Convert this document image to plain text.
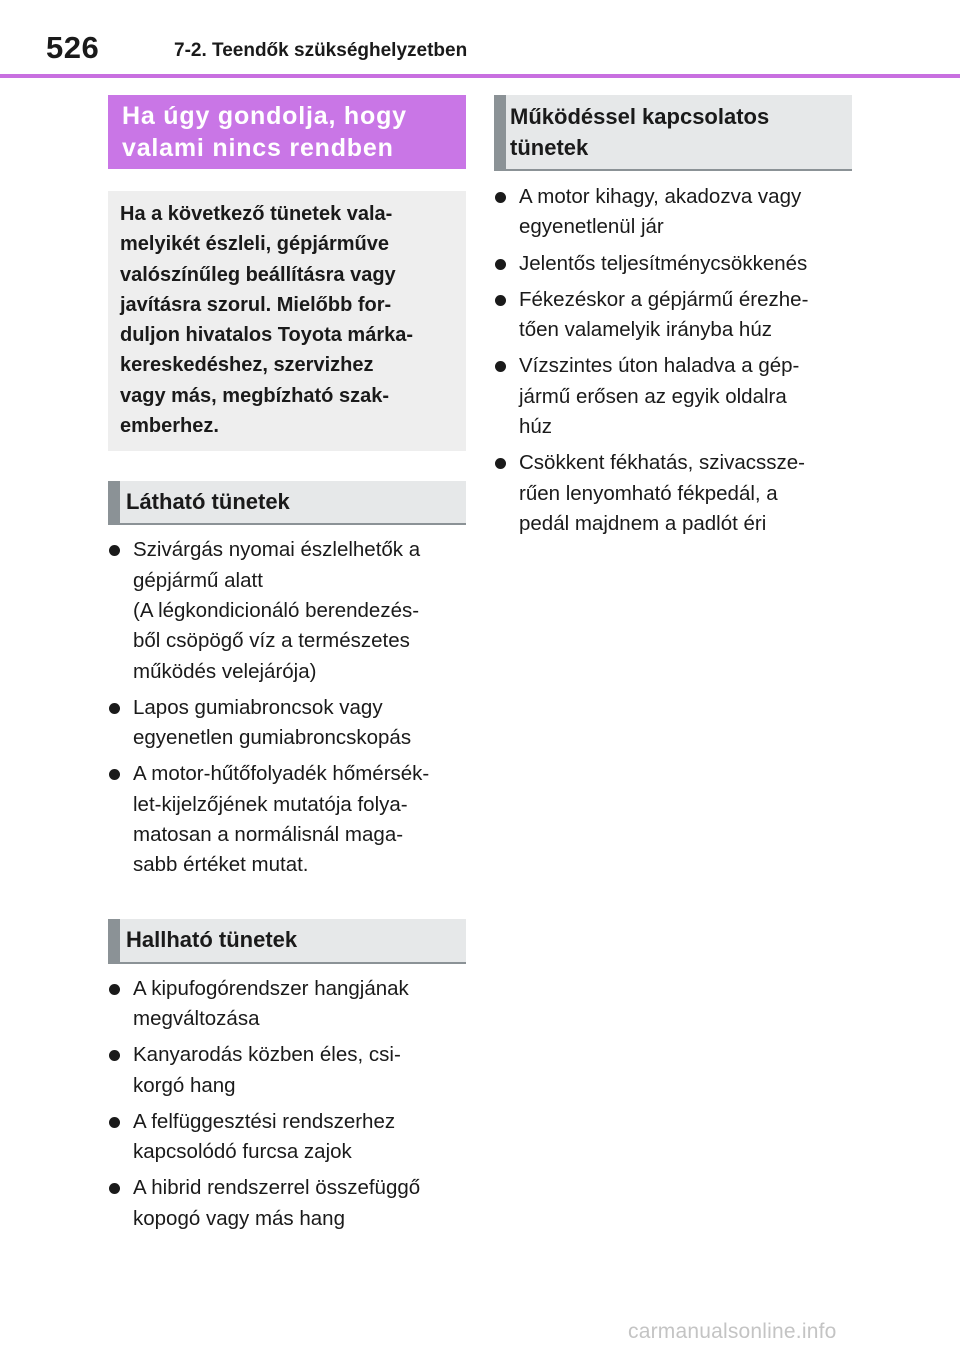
526	7-2. Teendők szükséghelyzetben
Ha úgy gondolja, hogy
valami nincs rendben
Ha a következő tünetek vala-
melyikét észleli, gépjárműve
valószínűleg beállításra vagy
javításra szorul. Mielőbb for-
duljon hivatalos Toyota márka-
kereskedéshez, szervizhez
vagy más, megbízható szak-
emberhez.
Látható tünetek
Szivárgás nyomai észlelhetők a
gépjármű alatt
(A légkondicionáló berendezés-
ből csöpögő víz a természetes
működés velejárója)
Lapos gumiabroncsok vagy
egyenetlen gumiabroncskopás
A motor-hűtőfolyadék hőmérsék-
let-kijelzőjének mutatója folya-
matosan a normálisnál maga-
sabb értéket mutat.
Hallható tünetek
A kipufogórendszer hangjának
megváltozása
Kanyarodás közben éles, csi-
korgó hang
A felfüggesztési rendszerhez
kapcsolódó furcsa zajok
A hibrid rendszerrel összefüggő
kopogó vagy más hang
Működéssel kapcsolatos
tünetek
A motor kihagy, akadozva vagy
egyenetlenül jár
Jelentős teljesítménycsökkenés
Fékezéskor a gépjármű érezhe-
tően valamelyik irányba húz
Vízszintes úton haladva a gép-
jármű erősen az egyik oldalra
húz
Csökkent fékhatás, szivacssze-
rűen lenyomható fékpedál, a
pedál majdnem a padlót éri
carmanualsonline.info
